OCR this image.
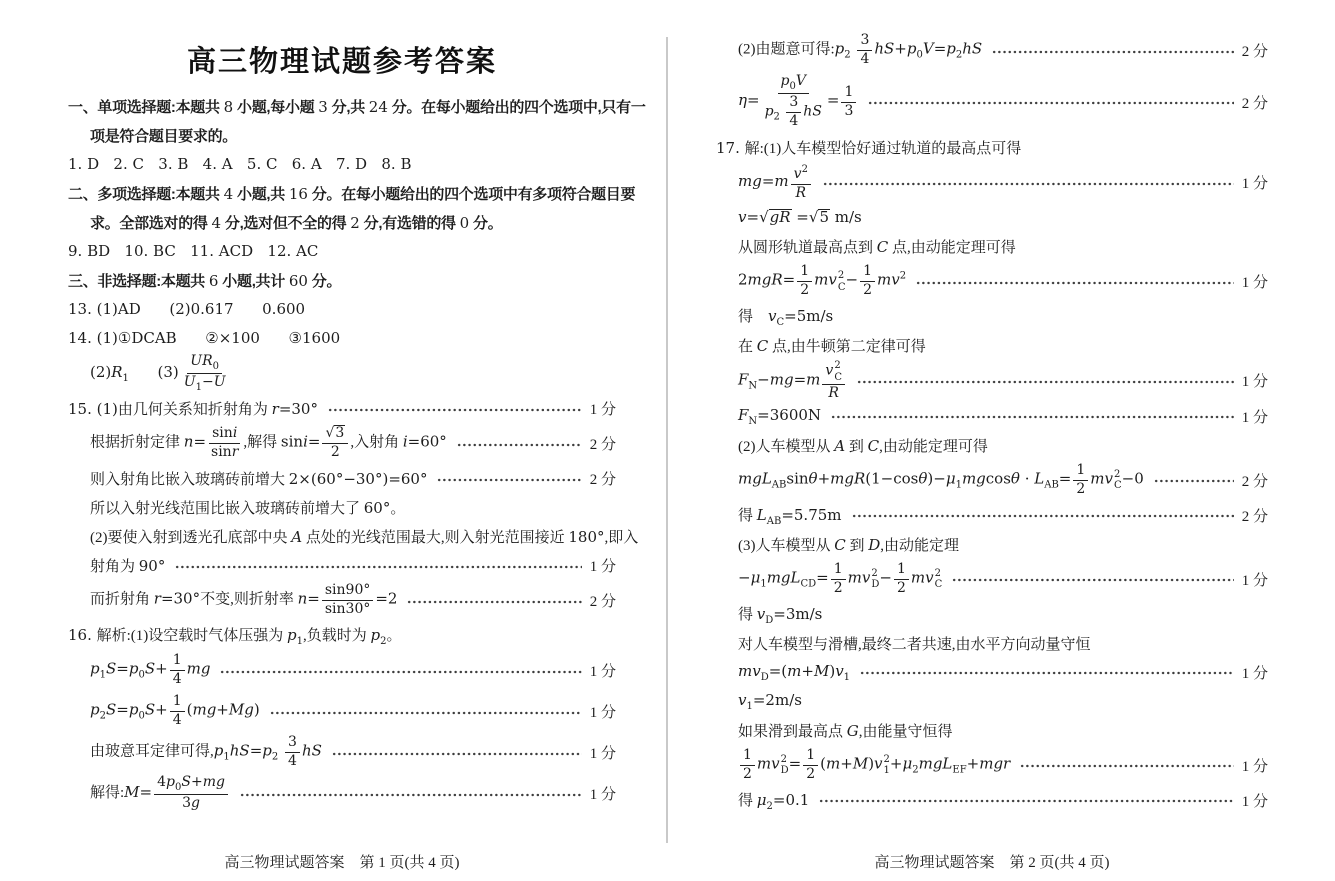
高三物理试题参考答案
一、单项选择题:本题共 8 小题,每小题 3 分,共 24 分。在每小题给出的四个选项中,只有一
项是符合题目要求的。
1. D   2. C   3. B   4. A   5. C   6. A   7. D   8. B
二、多项选择题:本题共 4 小题,共 16 分。在每小题给出的四个选项中有多项符合题目要
求。全部选对的得 4 分,选对但不全的得 2 分,有选错的得 0 分。
9. BD   10. BC   11. ACD   12. AC
三、非选择题:本题共 6 小题,共计 60 分。
13. (1)AD      (2)0.617      0.600
14. (1)①DCAB      ②×100      ③1600
$(2)R_1$      $(3) \frac{UR_0}{U_1-U}$
15. (1)由几何关系知折射角为 r=30°	1 分
根据折射定律 $n= \frac{\sin i}{\sin r}$ ,解得 $\sin i= \frac{√3}{2}$ ,入射角 i=60°	2 分
则入射角比嵌入玻璃砖前增大 2×(60°−30°)=60°	2 分
所以入射光线范围比嵌入玻璃砖前增大了 60°。
(2)要使入射到透光孔底部中央 A 点处的光线范围最大,则入射光范围接近 180°,即入
射角为 90°	1 分
而折射角 r=30°不变,则折射率 $n= \frac{\sin 90^\circ}{\sin 30^\circ} =2$	2 分
16. 解析:(1)设空载时气体压强为 $p_1$,负载时为 $p_2$。
$p_1S=p_0S+ \frac{1}{4}$ mg	1 分
$p_2S=p_0S+ \frac{1}{4} (mg+Mg)$	1 分
由玻意耳定律可得$,p_1hS=p_2 \frac{3}{4}$ hS	1 分
解得:M= $\frac{4p_0S+mg}{3g}$	1 分
(2)由题意可得$:p_2 \frac{3}{4} hS+p_0V=p_2hS$	2 分
$\eta= \frac{p_0V}{p_2 \frac{3}{4} hS} = \frac{1}{3}$	2 分
17. 解:(1)人车模型恰好通过轨道的最高点可得
$mg=m \frac{v^2}{R}$	1 分
v=√gR =√5 m/s
从圆形轨道最高点到 C 点,由动能定理可得
$2mgR= \frac{1}{2}$ mv 2
$C - \frac{1}{2} mv^2$	1 分
得　$v_C=5m/s$
在 C 点,由牛顿第二定律可得
$F_N-mg=m$ v 2
C
R	1 分
$F_N=3600N$	1 分
(2)人车模型从 A 到 C,由动能定理可得
$mgL_{AB}\sin\theta+mgR(1-\cos\theta)-\mu_1mgcos\theta \cdot L_{AB}= \frac{1}{2}$ mv 2
C −0	2 分
得 $L_{AB}=5.75m$	2 分
(3)人车模型从 C 到 D,由动能定理
$-\mu_1mgL_{CD}= \frac{1}{2}$ mv 2
$D - \frac{1}{2}$ mv 2
C	1 分
得 $v_D=3m/s$
对人车模型与滑槽,最终二者共速,由水平方向动量守恒
$mv_D=(m+M)v_1$	1 分
$v_1=2m/s$
如果滑到最高点 G,由能量守恒得
$\frac{1}{2}$ mv 2
$D = \frac{1}{2} (m+M)v$ 2
$1 +\mu_2mgL_{EF}+mgr$	1 分
得 $\mu_2=0.1$	1 分
高三物理试题答案　第 1 页(共 4 页)	高三物理试题答案　第 2 页(共 4 页)
